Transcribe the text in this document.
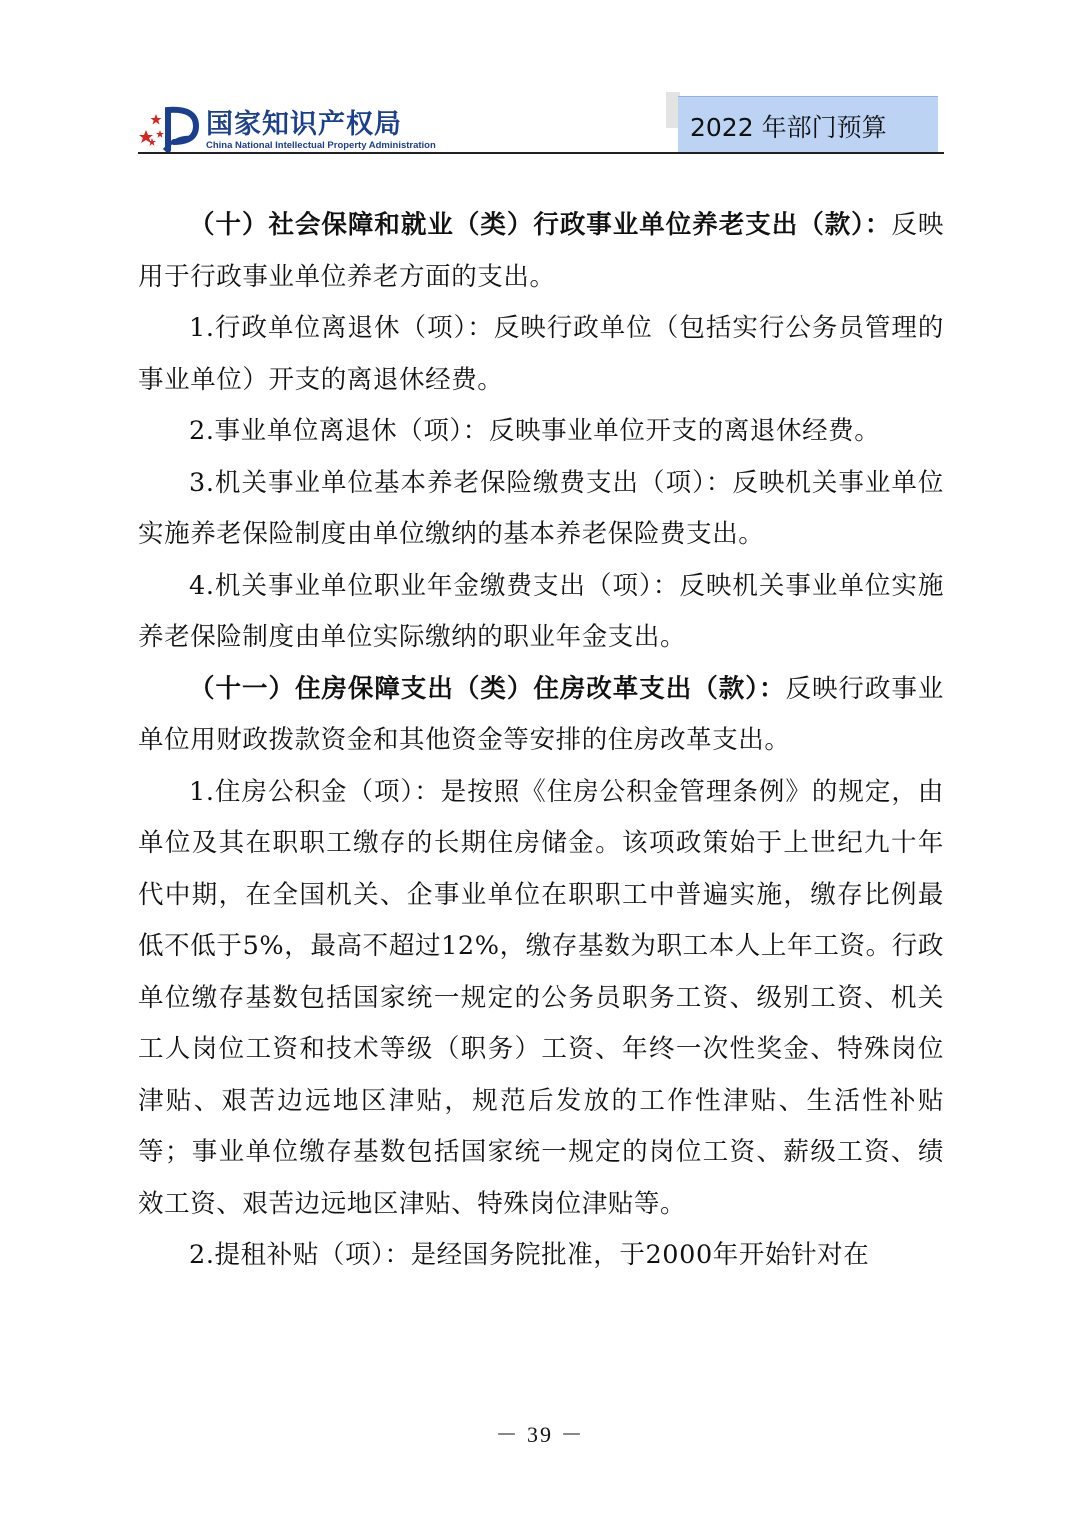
国家知识产权局
China National Intellectual Property Administration
2022 年部门预算

（十）社会保障和就业（类）行政事业单位养老支出（款）：反映用于行政事业单位养老方面的支出。

1.行政单位离退休（项）：反映行政单位（包括实行公务员管理的事业单位）开支的离退休经费。

2.事业单位离退休（项）：反映事业单位开支的离退休经费。

3.机关事业单位基本养老保险缴费支出（项）：反映机关事业单位实施养老保险制度由单位缴纳的基本养老保险费支出。

4.机关事业单位职业年金缴费支出（项）：反映机关事业单位实施养老保险制度由单位实际缴纳的职业年金支出。

（十一）住房保障支出（类）住房改革支出（款）：反映行政事业单位用财政拨款资金和其他资金等安排的住房改革支出。

1.住房公积金（项）：是按照《住房公积金管理条例》的规定，由单位及其在职职工缴存的长期住房储金。该项政策始于上世纪九十年代中期，在全国机关、企事业单位在职职工中普遍实施，缴存比例最低不低于5%，最高不超过12%，缴存基数为职工本人上年工资。行政单位缴存基数包括国家统一规定的公务员职务工资、级别工资、机关工人岗位工资和技术等级（职务）工资、年终一次性奖金、特殊岗位津贴、艰苦边远地区津贴，规范后发放的工作性津贴、生活性补贴等；事业单位缴存基数包括国家统一规定的岗位工资、薪级工资、绩效工资、艰苦边远地区津贴、特殊岗位津贴等。

2.提租补贴（项）：是经国务院批准，于2000年开始针对在

－ 39 －
